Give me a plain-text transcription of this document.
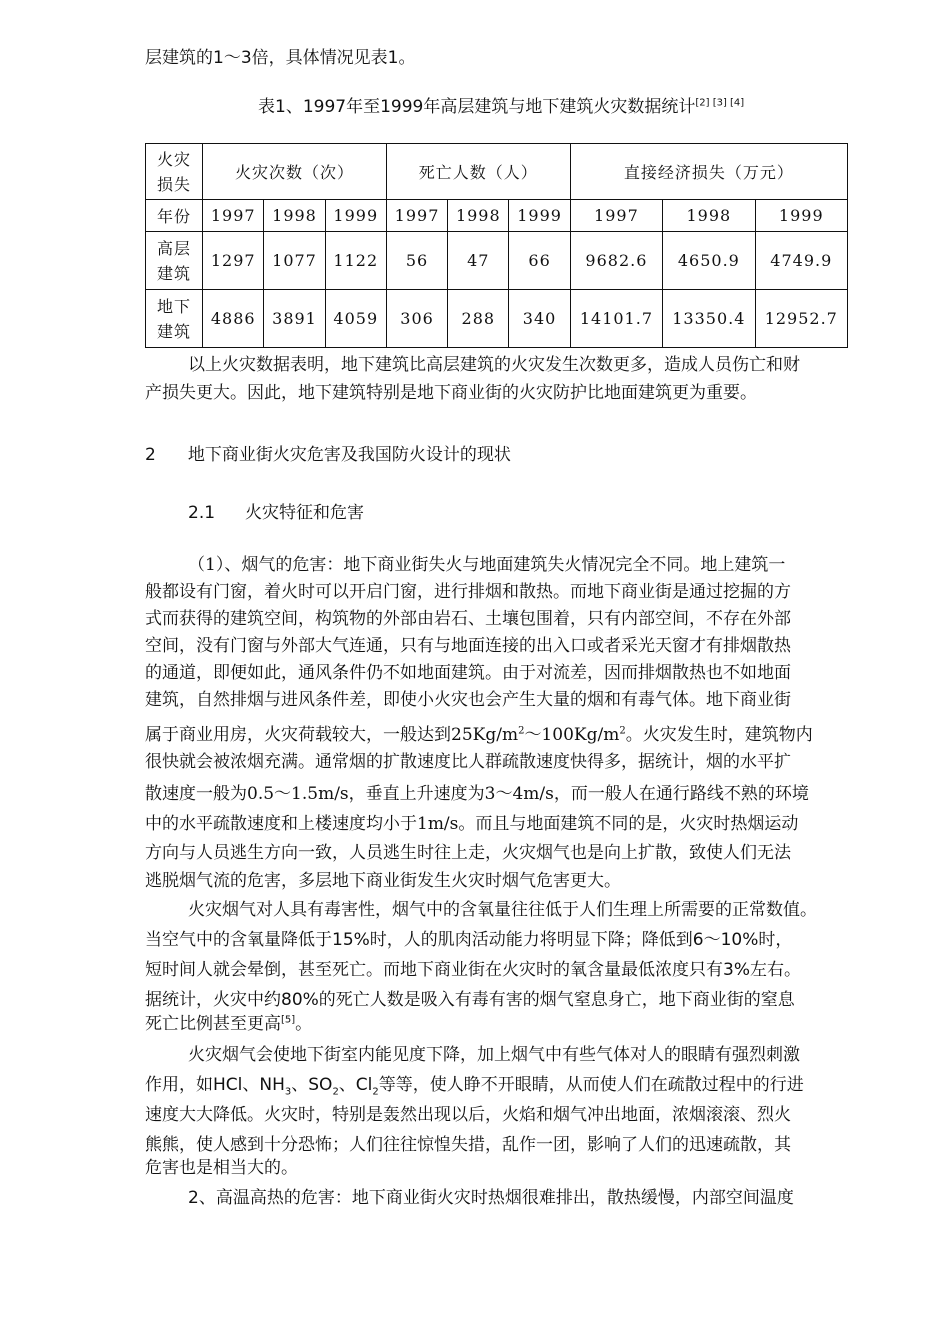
层建筑的1～3倍，具体情况见表1。
表1、1997年至1999年高层建筑与地下建筑火灾数据统计[2] [3] [4]
火灾
损失	火灾次数（次）			死亡人数（人）			直接经济损失（万元）		
年份	1997	1998	1999	1997	1998	1999	1997	1998	1999
高层
建筑	1297	1077	1122	56	47	66	9682.6	4650.9	4749.9
地下
建筑	4886	3891	4059	306	288	340	14101.7	13350.4	12952.7
以上火灾数据表明，地下建筑比高层建筑的火灾发生次数更多，造成人员伤亡和财
产损失更大。因此，地下建筑特别是地下商业街的火灾防护比地面建筑更为重要。
2 地下商业街火灾危害及我国防火设计的现状
2.1 火灾特征和危害
（1）、烟气的危害：地下商业街失火与地面建筑失火情况完全不同。地上建筑一
般都设有门窗，着火时可以开启门窗，进行排烟和散热。而地下商业街是通过挖掘的方
式而获得的建筑空间，构筑物的外部由岩石、土壤包围着，只有内部空间，不存在外部
空间，没有门窗与外部大气连通，只有与地面连接的出入口或者采光天窗才有排烟散热
的通道，即便如此，通风条件仍不如地面建筑。由于对流差，因而排烟散热也不如地面
建筑，自然排烟与进风条件差，即使小火灾也会产生大量的烟和有毒气体。地下商业街
属于商业用房，火灾荷载较大，一般达到$25Kg/m^2\sim 100Kg/m^2$。火灾发生时，建筑物内
很快就会被浓烟充满。通常烟的扩散速度比人群疏散速度快得多，据统计，烟的水平扩
散速度一般为0.5～1.5m/s，垂直上升速度为3～4m/s，而一般人在通行路线不熟的环境
中的水平疏散速度和上楼速度均小于1m/s。而且与地面建筑不同的是，火灾时热烟运动
方向与人员逃生方向一致，人员逃生时往上走，火灾烟气也是向上扩散，致使人们无法
逃脱烟气流的危害，多层地下商业街发生火灾时烟气危害更大。
火灾烟气对人具有毒害性，烟气中的含氧量往往低于人们生理上所需要的正常数值。
当空气中的含氧量降低于15%时，人的肌肉活动能力将明显下降；降低到6～10%时，
短时间人就会晕倒，甚至死亡。而地下商业街在火灾时的氧含量最低浓度只有3%左右。
据统计，火灾中约80%的死亡人数是吸入有毒有害的烟气窒息身亡，地下商业街的窒息
死亡比例甚至更高[5]。
火灾烟气会使地下街室内能见度下降，加上烟气中有些气体对人的眼睛有强烈刺激
作用，如HCl、$NH_3$、$SO_2$、$Cl_2$等等，使人睁不开眼睛，从而使人们在疏散过程中的行进
速度大大降低。火灾时，特别是轰然出现以后，火焰和烟气冲出地面，浓烟滚滚、烈火
熊熊，使人感到十分恐怖；人们往往惊惶失措，乱作一团，影响了人们的迅速疏散，其
危害也是相当大的。
2、高温高热的危害：地下商业街火灾时热烟很难排出，散热缓慢，内部空间温度
